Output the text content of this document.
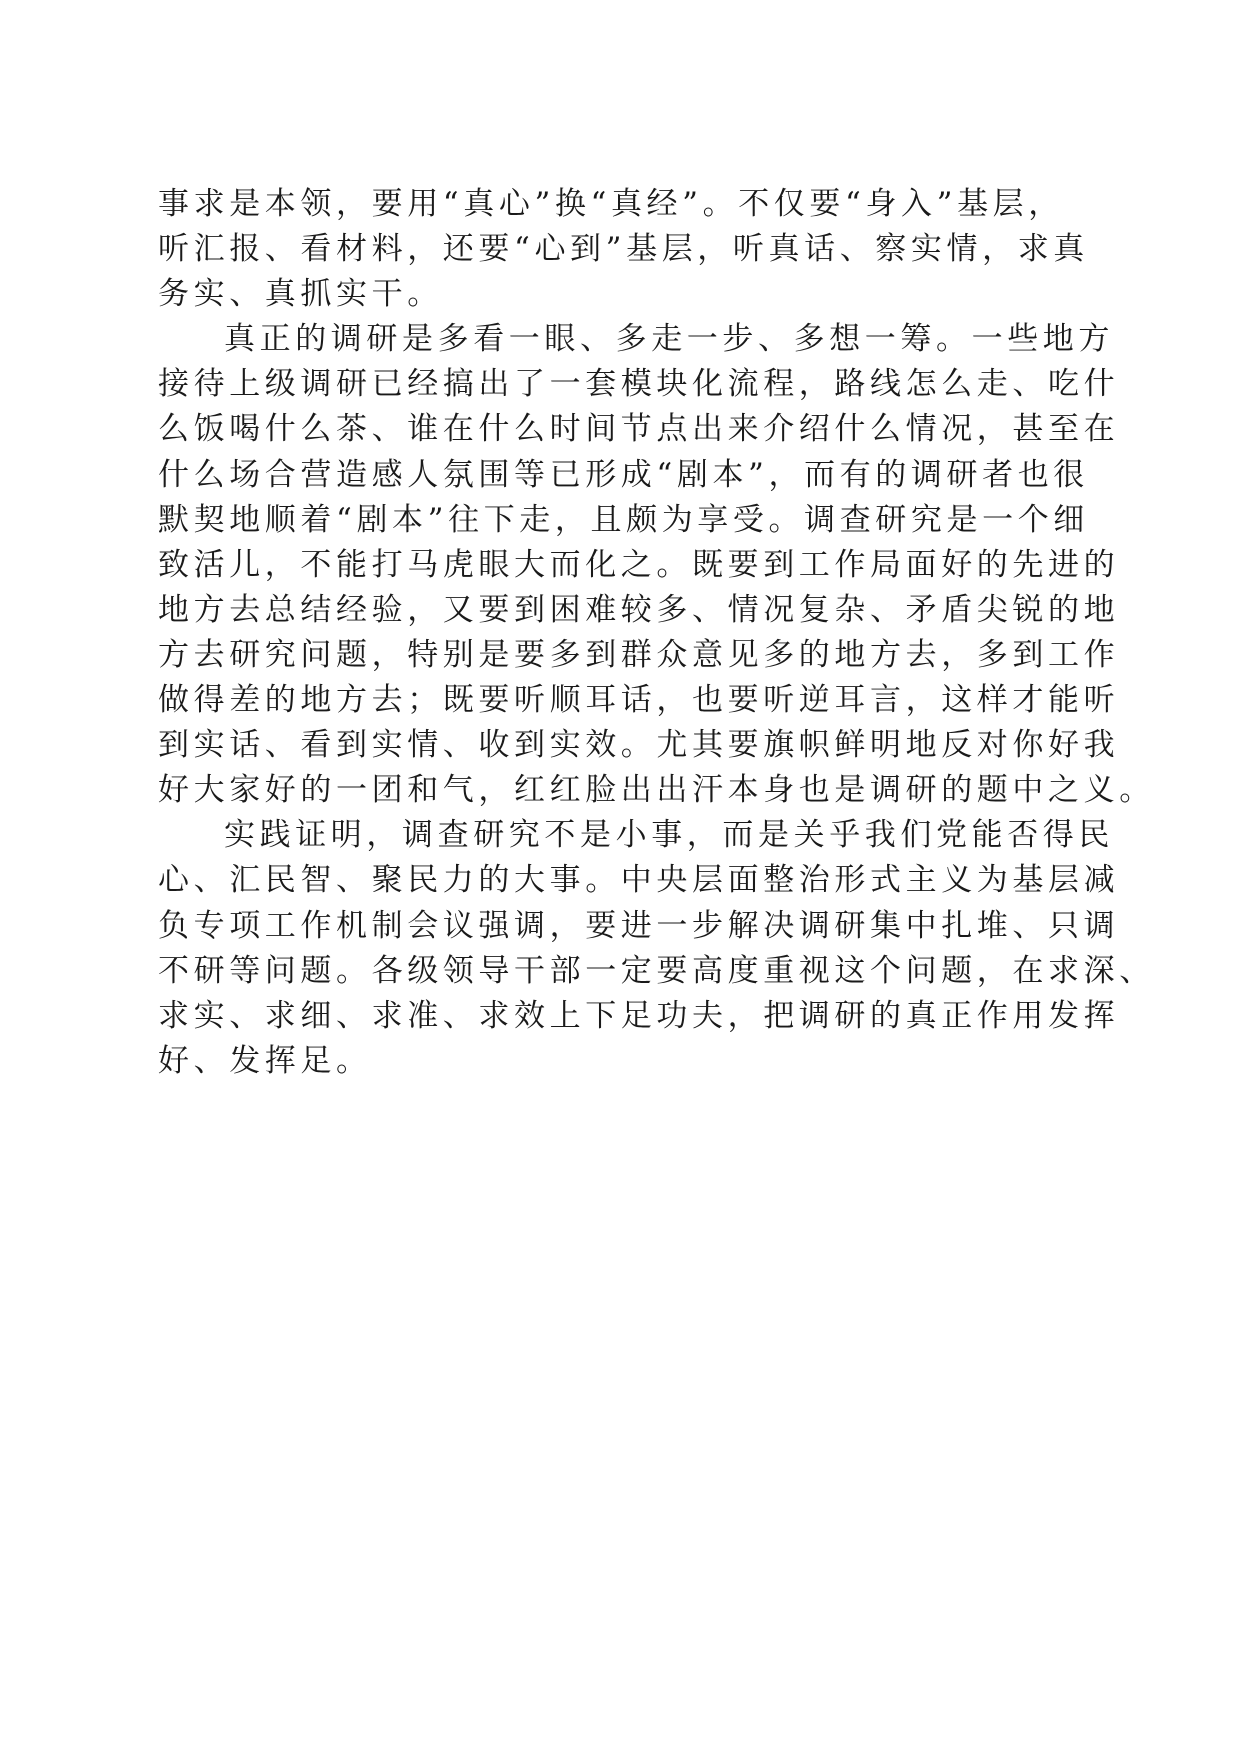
事求是本领，要用“真心”换“真经”。不仅要“身入”基层，
听汇报、看材料，还要“心到”基层，听真话、察实情，求真
务实、真抓实干。
真正的调研是多看一眼、多走一步、多想一筹。一些地方
接待上级调研已经搞出了一套模块化流程，路线怎么走、吃什
么饭喝什么茶、谁在什么时间节点出来介绍什么情况，甚至在
什么场合营造感人氛围等已形成“剧本”，而有的调研者也很
默契地顺着“剧本”往下走，且颇为享受。调查研究是一个细
致活儿，不能打马虎眼大而化之。既要到工作局面好的先进的
地方去总结经验，又要到困难较多、情况复杂、矛盾尖锐的地
方去研究问题，特别是要多到群众意见多的地方去，多到工作
做得差的地方去；既要听顺耳话，也要听逆耳言，这样才能听
到实话、看到实情、收到实效。尤其要旗帜鲜明地反对你好我
好大家好的一团和气，红红脸出出汗本身也是调研的题中之义。
实践证明，调查研究不是小事，而是关乎我们党能否得民
心、汇民智、聚民力的大事。中央层面整治形式主义为基层减
负专项工作机制会议强调，要进一步解决调研集中扎堆、只调
不研等问题。各级领导干部一定要高度重视这个问题，在求深、
求实、求细、求准、求效上下足功夫，把调研的真正作用发挥
好、发挥足。
